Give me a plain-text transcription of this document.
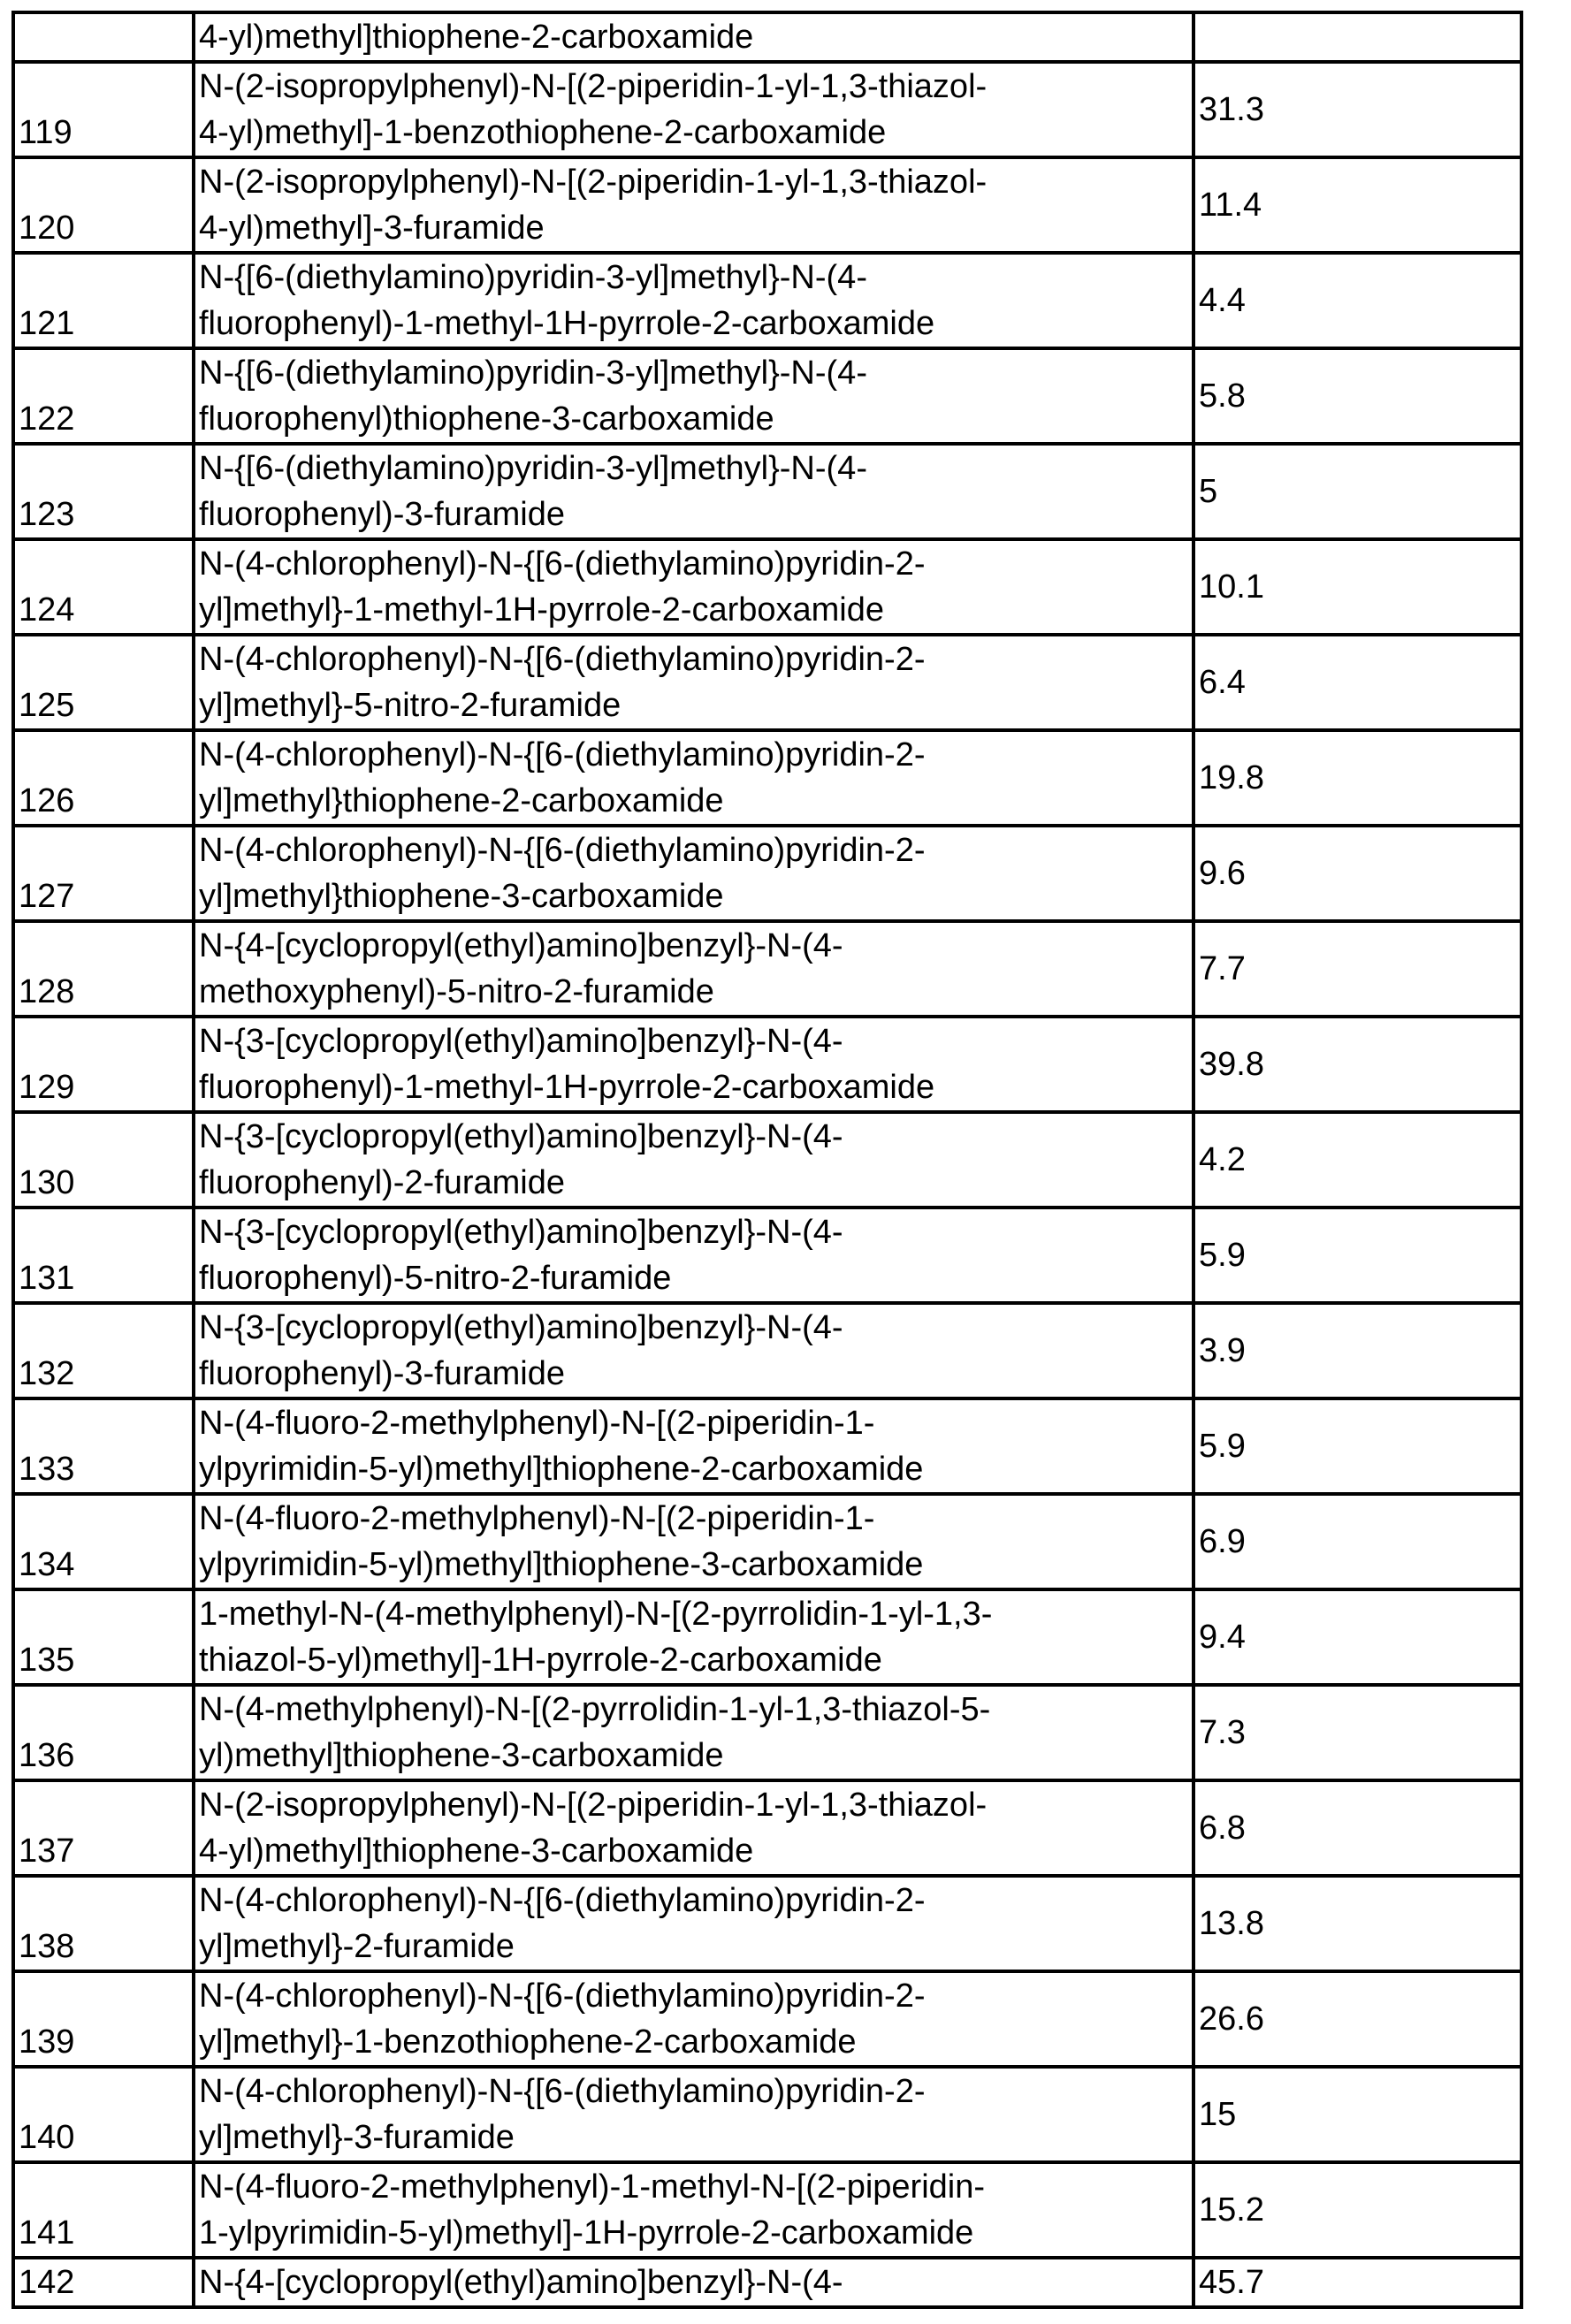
4-yl)methyl]thiophene-2-carboxamide

119	
N-(2-isopropylphenyl)-N-[(2-piperidin-1-yl-1,3-thiazol-
4-yl)methyl]-1-benzothiophene-2-carboxamide
	31.3
120	
N-(2-isopropylphenyl)-N-[(2-piperidin-1-yl-1,3-thiazol-
4-yl)methyl]-3-furamide
	11.4
121	
N-{[6-(diethylamino)pyridin-3-yl]methyl}-N-(4-
fluorophenyl)-1-methyl-1H-pyrrole-2-carboxamide
	4.4
122	
N-{[6-(diethylamino)pyridin-3-yl]methyl}-N-(4-
fluorophenyl)thiophene-3-carboxamide
	5.8
123	
N-{[6-(diethylamino)pyridin-3-yl]methyl}-N-(4-
fluorophenyl)-3-furamide
	5
124	
N-(4-chlorophenyl)-N-{[6-(diethylamino)pyridin-2-
yl]methyl}-1-methyl-1H-pyrrole-2-carboxamide
	10.1
125	
N-(4-chlorophenyl)-N-{[6-(diethylamino)pyridin-2-
yl]methyl}-5-nitro-2-furamide
	6.4
126	
N-(4-chlorophenyl)-N-{[6-(diethylamino)pyridin-2-
yl]methyl}thiophene-2-carboxamide
	19.8
127	
N-(4-chlorophenyl)-N-{[6-(diethylamino)pyridin-2-
yl]methyl}thiophene-3-carboxamide
	9.6
128	
N-{4-[cyclopropyl(ethyl)amino]benzyl}-N-(4-
methoxyphenyl)-5-nitro-2-furamide
	7.7
129	
N-{3-[cyclopropyl(ethyl)amino]benzyl}-N-(4-
fluorophenyl)-1-methyl-1H-pyrrole-2-carboxamide
	39.8
130	
N-{3-[cyclopropyl(ethyl)amino]benzyl}-N-(4-
fluorophenyl)-2-furamide
	4.2
131	
N-{3-[cyclopropyl(ethyl)amino]benzyl}-N-(4-
fluorophenyl)-5-nitro-2-furamide
	5.9
132	
N-{3-[cyclopropyl(ethyl)amino]benzyl}-N-(4-
fluorophenyl)-3-furamide
	3.9
133	
N-(4-fluoro-2-methylphenyl)-N-[(2-piperidin-1-
ylpyrimidin-5-yl)methyl]thiophene-2-carboxamide
	5.9
134	
N-(4-fluoro-2-methylphenyl)-N-[(2-piperidin-1-
ylpyrimidin-5-yl)methyl]thiophene-3-carboxamide
	6.9
135	
1-methyl-N-(4-methylphenyl)-N-[(2-pyrrolidin-1-yl-1,3-
thiazol-5-yl)methyl]-1H-pyrrole-2-carboxamide
	9.4
136	
N-(4-methylphenyl)-N-[(2-pyrrolidin-1-yl-1,3-thiazol-5-
yl)methyl]thiophene-3-carboxamide
	7.3
137	
N-(2-isopropylphenyl)-N-[(2-piperidin-1-yl-1,3-thiazol-
4-yl)methyl]thiophene-3-carboxamide
	6.8
138	
N-(4-chlorophenyl)-N-{[6-(diethylamino)pyridin-2-
yl]methyl}-2-furamide
	13.8
139	
N-(4-chlorophenyl)-N-{[6-(diethylamino)pyridin-2-
yl]methyl}-1-benzothiophene-2-carboxamide
	26.6
140	
N-(4-chlorophenyl)-N-{[6-(diethylamino)pyridin-2-
yl]methyl}-3-furamide
	15
141	
N-(4-fluoro-2-methylphenyl)-1-methyl-N-[(2-piperidin-
1-ylpyrimidin-5-yl)methyl]-1H-pyrrole-2-carboxamide
	15.2
142	N-{4-[cyclopropyl(ethyl)amino]benzyl}-N-(4-	45.7
